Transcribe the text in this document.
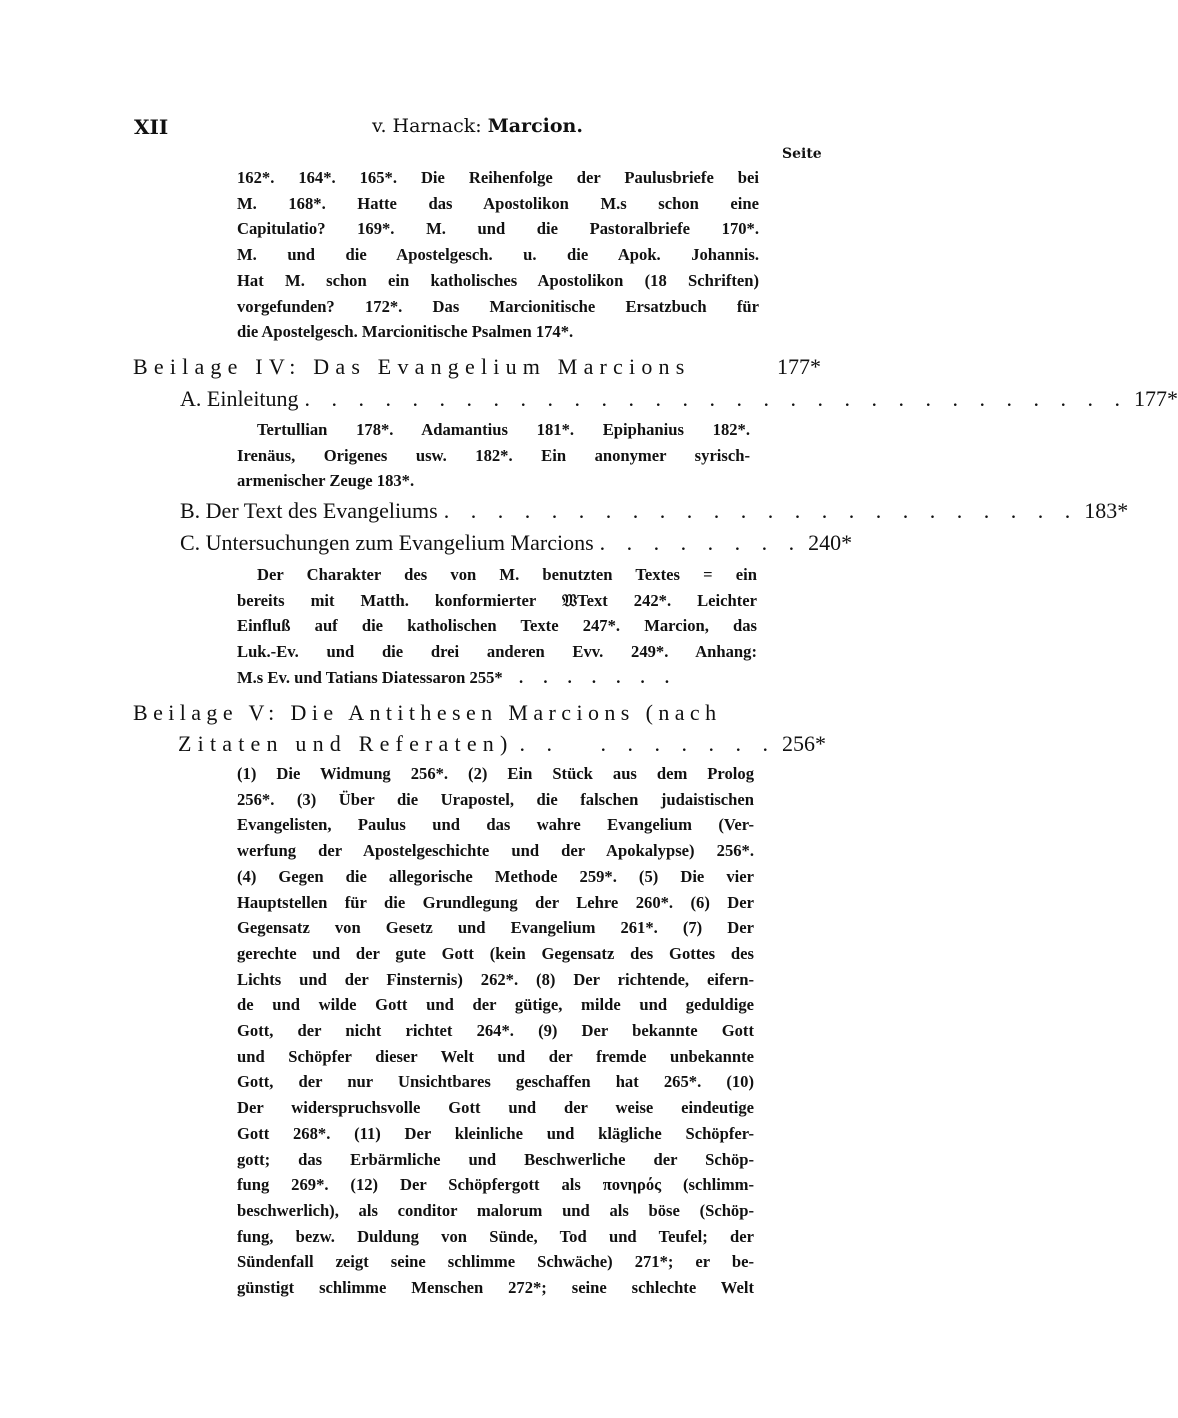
XII	v. Harnack: Marcion.
Seite
162*. 164*. 165*. Die Reihenfolge der Paulusbriefe bei
M. 168*. Hatte das Apostolikon M.s schon eine
Capitulatio? 169*. M. und die Pastoralbriefe 170*.
M. und die Apostelgesch. u. die Apok. Johannis.
Hat M. schon ein katholisches Apostolikon (18 Schriften)
vorgefunden? 172*. Das Marcionitische Ersatzbuch für
die Apostelgesch. Marcionitische Psalmen 174*.
Beilage IV: Das Evangelium Marcions	177*
A. Einleitung . . . . . . . . . . . . . . . . . . . . . . . . . . . . . . . 177*
Tertullian 178*. Adamantius 181*. Epiphanius 182*.
Irenäus, Origenes usw. 182*. Ein anonymer syrisch-
armenischer Zeuge 183*.
B. Der Text des Evangeliums . . . . . . . . . . . . . . . . . . . . . . . . 183*
C. Untersuchungen zum Evangelium Marcions . . . . . . . . 240*
Der Charakter des von M. benutzten Textes = ein
bereits mit Matth. konformierter 𝔚Text 242*. Leichter
Einfluß auf die katholischen Texte 247*. Marcion, das
Luk.-Ev. und die drei anderen Evv. 249*. Anhang:
M.s Ev. und Tatians Diatessaron 255*  . . . . . . .
Beilage V: Die Antithesen Marcions (nach
Zitaten und Referaten) . .   . . . . . . . 256*
(1) Die Widmung 256*. (2) Ein Stück aus dem Prolog
256*. (3) Über die Urapostel, die falschen judaistischen
Evangelisten, Paulus und das wahre Evangelium (Ver-
werfung der Apostelgeschichte und der Apokalypse) 256*.
(4) Gegen die allegorische Methode 259*. (5) Die vier
Hauptstellen für die Grundlegung der Lehre 260*. (6) Der
Gegensatz von Gesetz und Evangelium 261*. (7) Der
gerechte und der gute Gott (kein Gegensatz des Gottes des
Lichts und der Finsternis) 262*. (8) Der richtende, eifern-
de und wilde Gott und der gütige, milde und geduldige
Gott, der nicht richtet 264*. (9) Der bekannte Gott
und Schöpfer dieser Welt und der fremde unbekannte
Gott, der nur Unsichtbares geschaffen hat 265*. (10)
Der widerspruchsvolle Gott und der weise eindeutige
Gott 268*. (11) Der kleinliche und klägliche Schöpfer-
gott; das Erbärmliche und Beschwerliche der Schöp-
fung 269*. (12) Der Schöpfergott als πονηρός (schlimm-
beschwerlich), als conditor malorum und als böse (Schöp-
fung, bezw. Duldung von Sünde, Tod und Teufel; der
Sündenfall zeigt seine schlimme Schwäche) 271*; er be-
günstigt schlimme Menschen 272*; seine schlechte Welt
